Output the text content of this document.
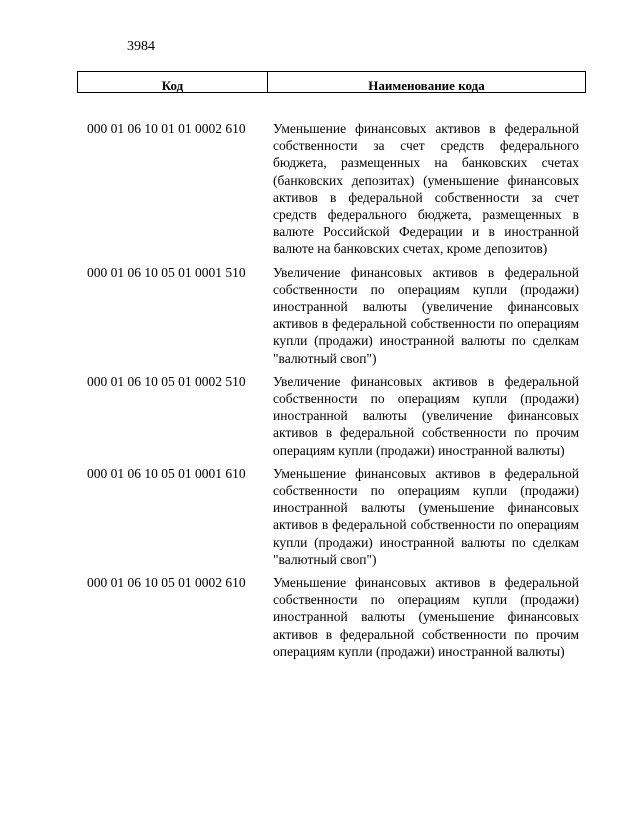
3984
Код	Наименование кода
000 01 06 10 01 01 0002 610	Уменьшение финансовых активов в федеральной собственности за счет средств федерального бюджета, размещенных на банковских счетах (банковских депозитах) (уменьшение финансовых активов в федеральной собственности за счет средств федерального бюджета, размещенных в валюте Российской Федерации и в иностранной валюте на банковских счетах, кроме депозитов)
000 01 06 10 05 01 0001 510	Увеличение финансовых активов в федеральной собственности по операциям купли (продажи) иностранной валюты (увеличение финансовых активов в федеральной собственности по операциям купли (продажи) иностранной валюты по сделкам "валютный своп")
000 01 06 10 05 01 0002 510	Увеличение финансовых активов в федеральной собственности по операциям купли (продажи) иностранной валюты (увеличение финансовых активов в федеральной собственности по прочим операциям купли (продажи) иностранной валюты)
000 01 06 10 05 01 0001 610	Уменьшение финансовых активов в федеральной собственности по операциям купли (продажи) иностранной валюты (уменьшение финансовых активов в федеральной собственности по операциям купли (продажи) иностранной валюты по сделкам "валютный своп")
000 01 06 10 05 01 0002 610	Уменьшение финансовых активов в федеральной собственности по операциям купли (продажи) иностранной валюты (уменьшение финансовых активов в федеральной собственности по прочим операциям купли (продажи) иностранной валюты)
